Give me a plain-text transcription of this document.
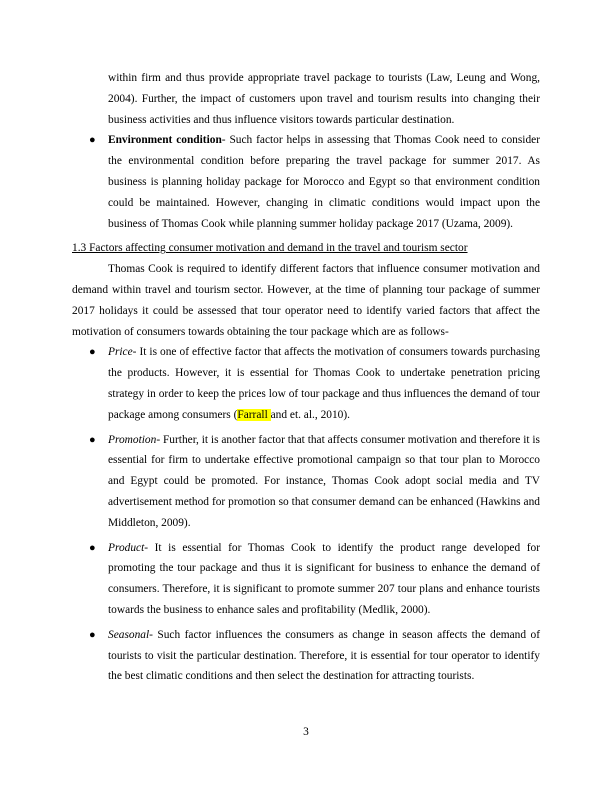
within firm and thus provide appropriate travel package to tourists (Law, Leung and Wong, 2004). Further, the impact of customers upon travel and tourism results into changing their business activities and thus influence visitors towards particular destination.

● Environment condition- Such factor helps in assessing that Thomas Cook need to consider the environmental condition before preparing the travel package for summer 2017. As business is planning holiday package for Morocco and Egypt so that environment condition could be maintained. However, changing in climatic conditions would impact upon the business of Thomas Cook while planning summer holiday package 2017 (Uzama, 2009).

1.3 Factors affecting consumer motivation and demand in the travel and tourism sector

Thomas Cook is required to identify different factors that influence consumer motivation and demand within travel and tourism sector. However, at the time of planning tour package of summer 2017 holidays it could be assessed that tour operator need to identify varied factors that affect the motivation of consumers towards obtaining the tour package which are as follows-

● Price- It is one of effective factor that affects the motivation of consumers towards purchasing the products. However, it is essential for Thomas Cook to undertake penetration pricing strategy in order to keep the prices low of tour package and thus influences the demand of tour package among consumers (Farrall and et. al., 2010).

● Promotion- Further, it is another factor that that affects consumer motivation and therefore it is essential for firm to undertake effective promotional campaign so that tour plan to Morocco and Egypt could be promoted. For instance, Thomas Cook adopt social media and TV advertisement method for promotion so that consumer demand can be enhanced (Hawkins and Middleton, 2009).

● Product- It is essential for Thomas Cook to identify the product range developed for promoting the tour package and thus it is significant for business to enhance the demand of consumers. Therefore, it is significant to promote summer 207 tour plans and enhance tourists towards the business to enhance sales and profitability (Medlik, 2000).

● Seasonal- Such factor influences the consumers as change in season affects the demand of tourists to visit the particular destination. Therefore, it is essential for tour operator to identify the best climatic conditions and then select the destination for attracting tourists.

3
